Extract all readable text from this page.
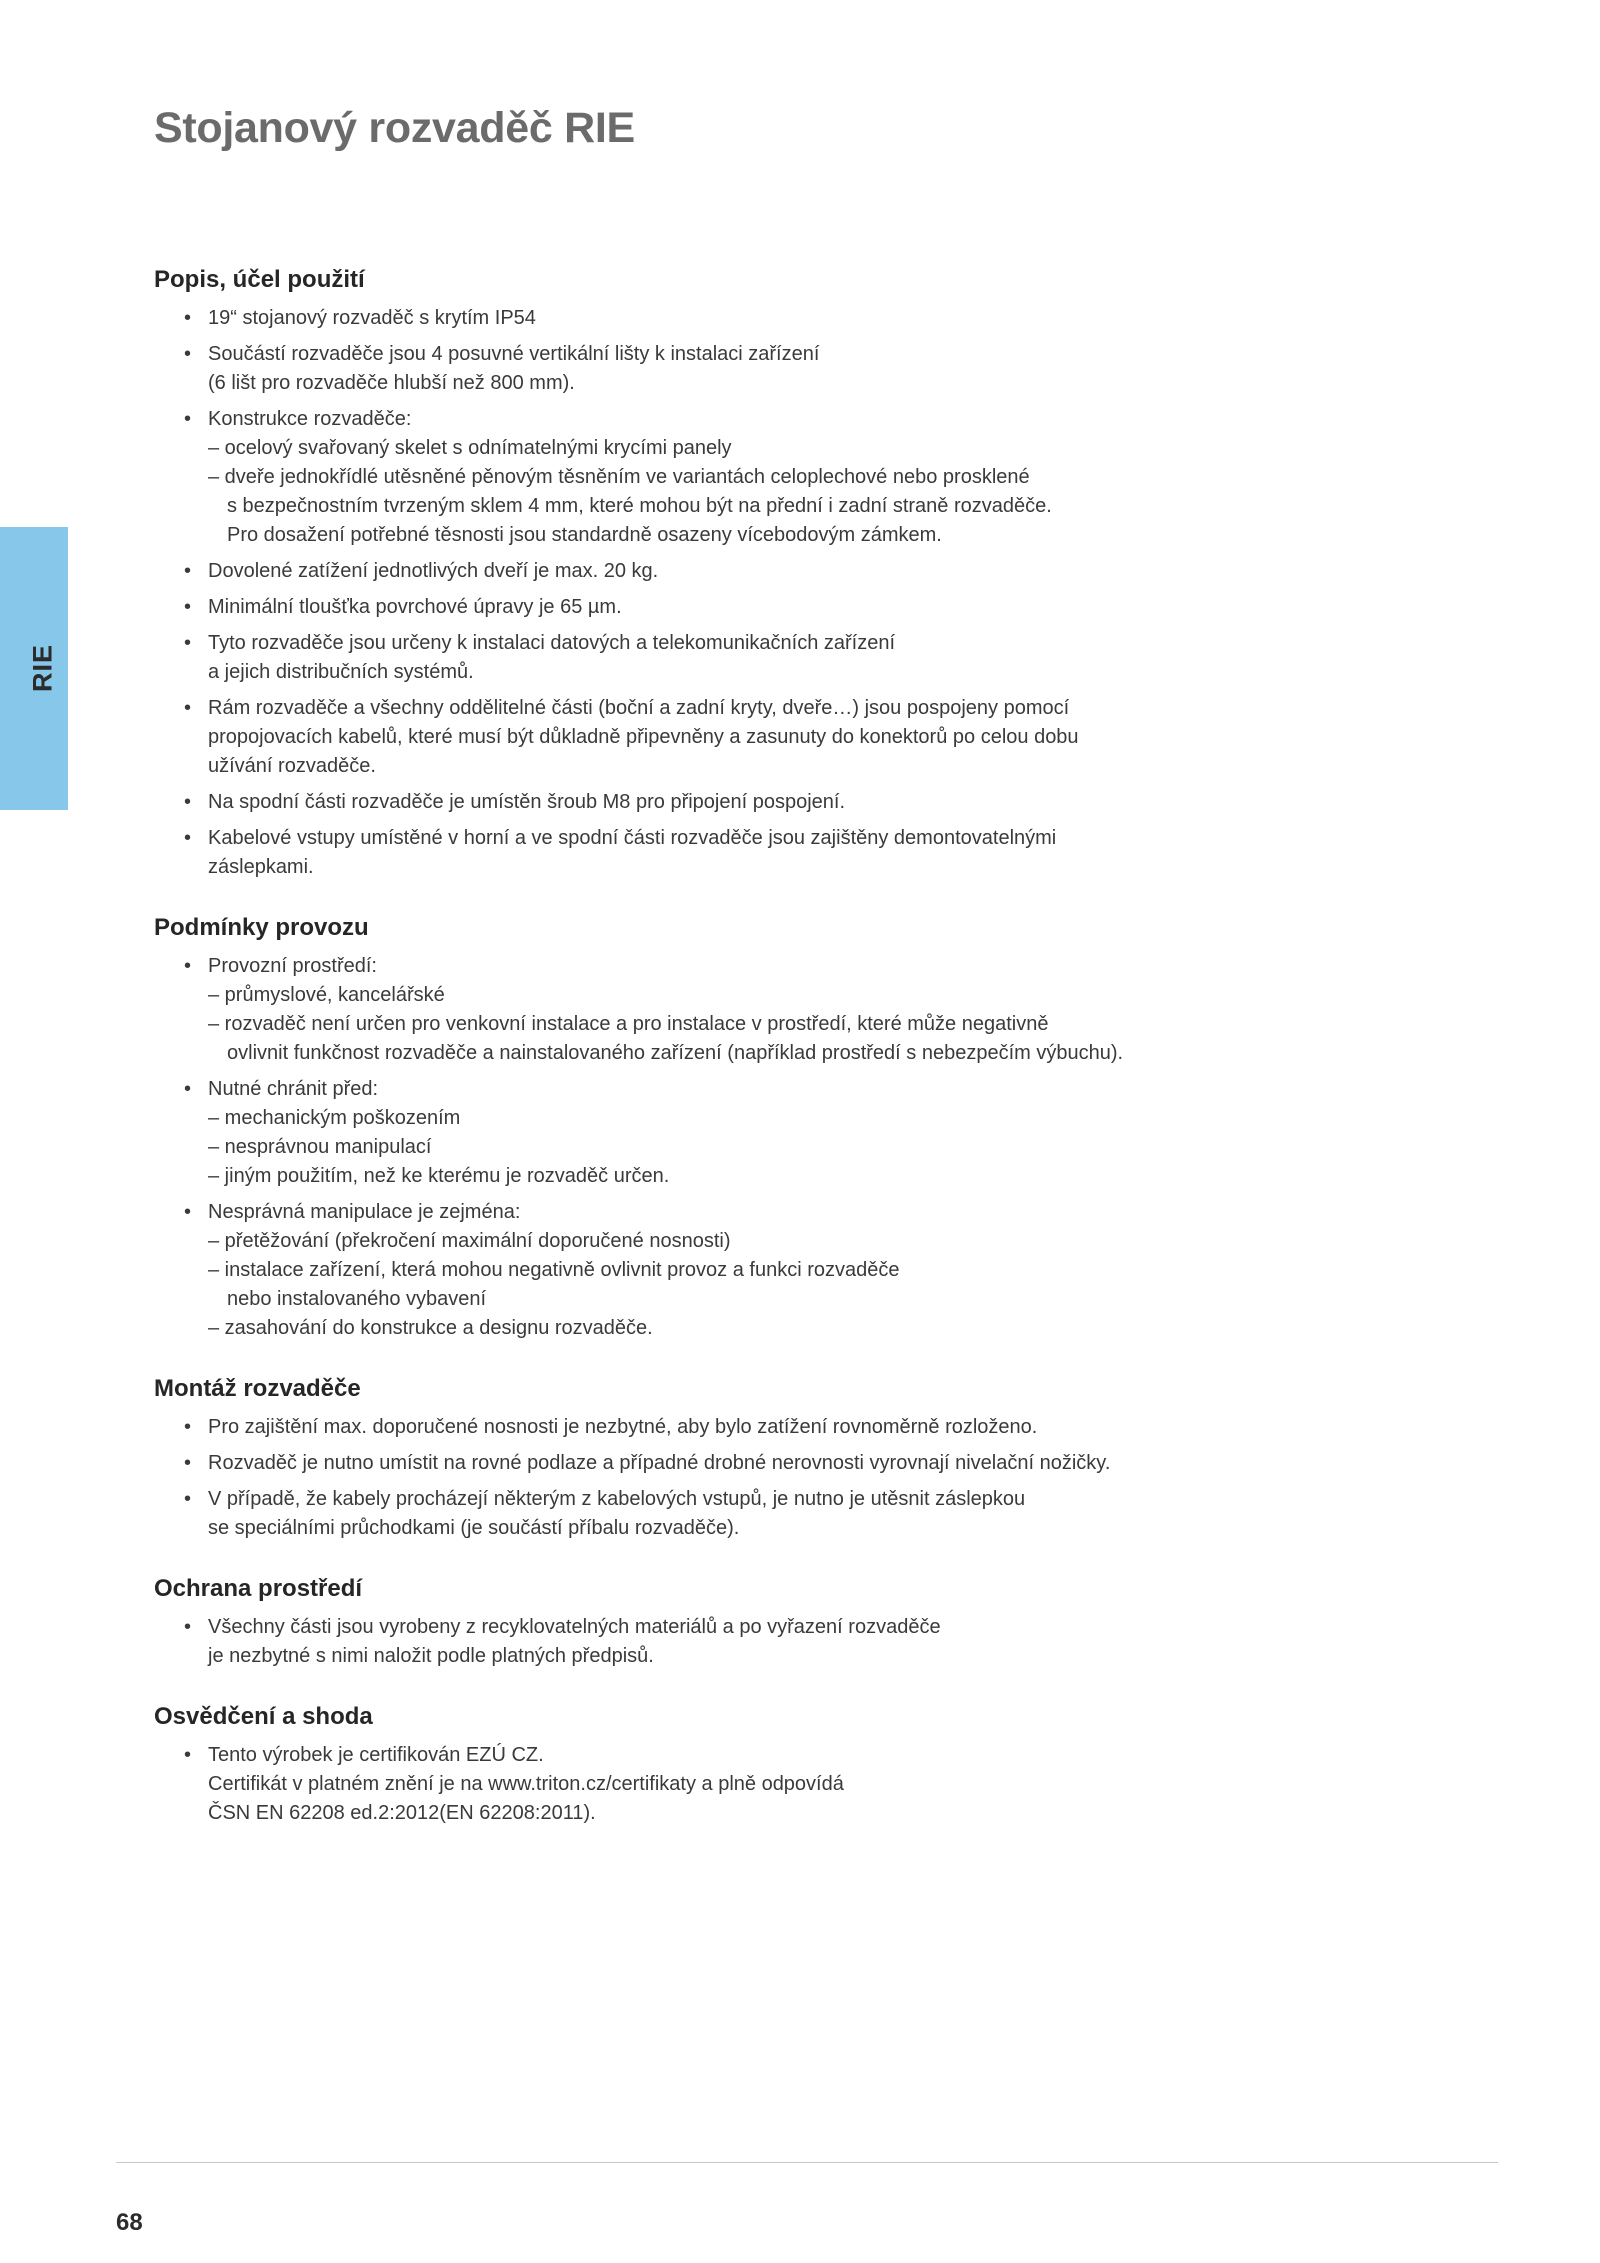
Stojanový rozvaděč RIE
RIE
Popis, účel použití
• 19“ stojanový rozvaděč s krytím IP54
• Součástí rozvaděče jsou 4 posuvné vertikální lišty k instalaci zařízení
(6 lišt pro rozvaděče hlubší než 800 mm).
• Konstrukce rozvaděče:
– ocelový svařovaný skelet s odnímatelnými krycími panely
– dveře jednokřídlé utěsněné pěnovým těsněním ve variantách celoplechové nebo prosklené
s bezpečnostním tvrzeným sklem 4 mm, které mohou být na přední i zadní straně rozvaděče.
Pro dosažení potřebné těsnosti jsou standardně osazeny vícebodovým zámkem.
• Dovolené zatížení jednotlivých dveří je max. 20 kg.
• Minimální tloušťka povrchové úpravy je 65 µm.
• Tyto rozvaděče jsou určeny k instalaci datových a telekomunikačních zařízení
a jejich distribučních systémů.
• Rám rozvaděče a všechny oddělitelné části (boční a zadní kryty, dveře…) jsou pospojeny pomocí
propojovacích kabelů, které musí být důkladně připevněny a zasunuty do konektorů po celou dobu
užívání rozvaděče.
• Na spodní části rozvaděče je umístěn šroub M8 pro připojení pospojení.
• Kabelové vstupy umístěné v horní a ve spodní části rozvaděče jsou zajištěny demontovatelnými
záslepkami.
Podmínky provozu
• Provozní prostředí:
– průmyslové, kancelářské
– rozvaděč není určen pro venkovní instalace a pro instalace v prostředí, které může negativně
ovlivnit funkčnost rozvaděče a nainstalovaného zařízení (například prostředí s nebezpečím výbuchu).
• Nutné chránit před:
– mechanickým poškozením
– nesprávnou manipulací
– jiným použitím, než ke kterému je rozvaděč určen.
• Nesprávná manipulace je zejména:
– přetěžování (překročení maximální doporučené nosnosti)
– instalace zařízení, která mohou negativně ovlivnit provoz a funkci rozvaděče
nebo instalovaného vybavení
– zasahování do konstrukce a designu rozvaděče.
Montáž rozvaděče
• Pro zajištění max. doporučené nosnosti je nezbytné, aby bylo zatížení rovnoměrně rozloženo.
• Rozvaděč je nutno umístit na rovné podlaze a případné drobné nerovnosti vyrovnají nivelační nožičky.
• V případě, že kabely procházejí některým z kabelových vstupů, je nutno je utěsnit záslepkou
se speciálními průchodkami (je součástí příbalu rozvaděče).
Ochrana prostředí
• Všechny části jsou vyrobeny z recyklovatelných materiálů a po vyřazení rozvaděče
je nezbytné s nimi naložit podle platných předpisů.
Osvědčení a shoda
• Tento výrobek je certifikován EZÚ CZ.
Certifikát v platném znění je na www.triton.cz/certifikaty a plně odpovídá
ČSN EN 62208 ed.2:2012(EN 62208:2011).
68
